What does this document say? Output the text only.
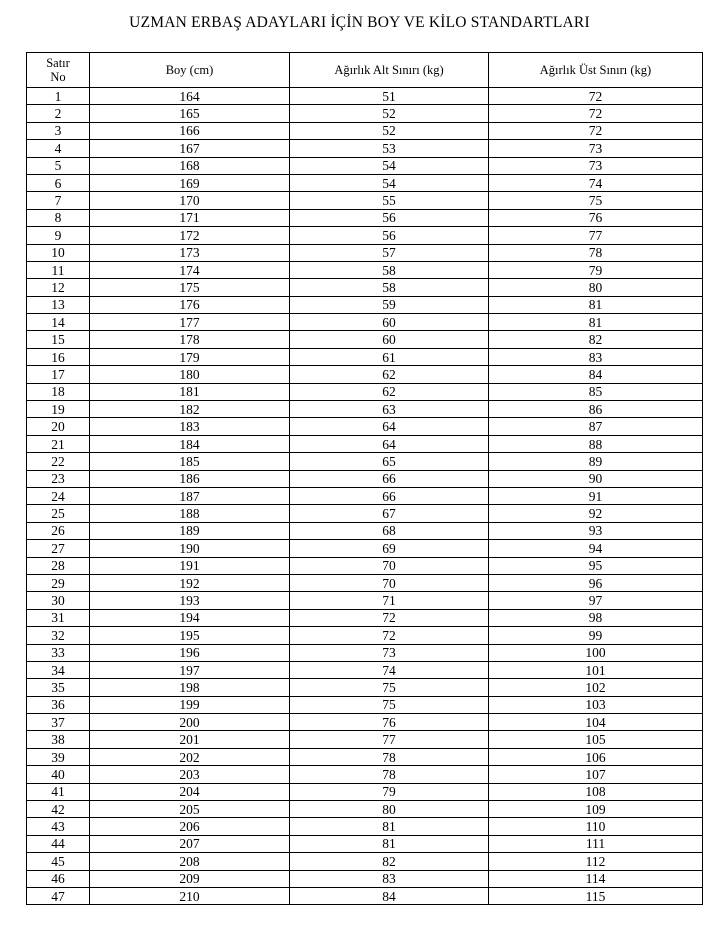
UZMAN ERBAŞ ADAYLARI İÇİN BOY VE KİLO STANDARTLARI
Satır
No	Boy (cm)	Ağırlık Alt Sınırı (kg)	Ağırlık Üst Sınırı (kg)
1	164	51	72
2	165	52	72
3	166	52	72
4	167	53	73
5	168	54	73
6	169	54	74
7	170	55	75
8	171	56	76
9	172	56	77
10	173	57	78
11	174	58	79
12	175	58	80
13	176	59	81
14	177	60	81
15	178	60	82
16	179	61	83
17	180	62	84
18	181	62	85
19	182	63	86
20	183	64	87
21	184	64	88
22	185	65	89
23	186	66	90
24	187	66	91
25	188	67	92
26	189	68	93
27	190	69	94
28	191	70	95
29	192	70	96
30	193	71	97
31	194	72	98
32	195	72	99
33	196	73	100
34	197	74	101
35	198	75	102
36	199	75	103
37	200	76	104
38	201	77	105
39	202	78	106
40	203	78	107
41	204	79	108
42	205	80	109
43	206	81	110
44	207	81	111
45	208	82	112
46	209	83	114
47	210	84	115
